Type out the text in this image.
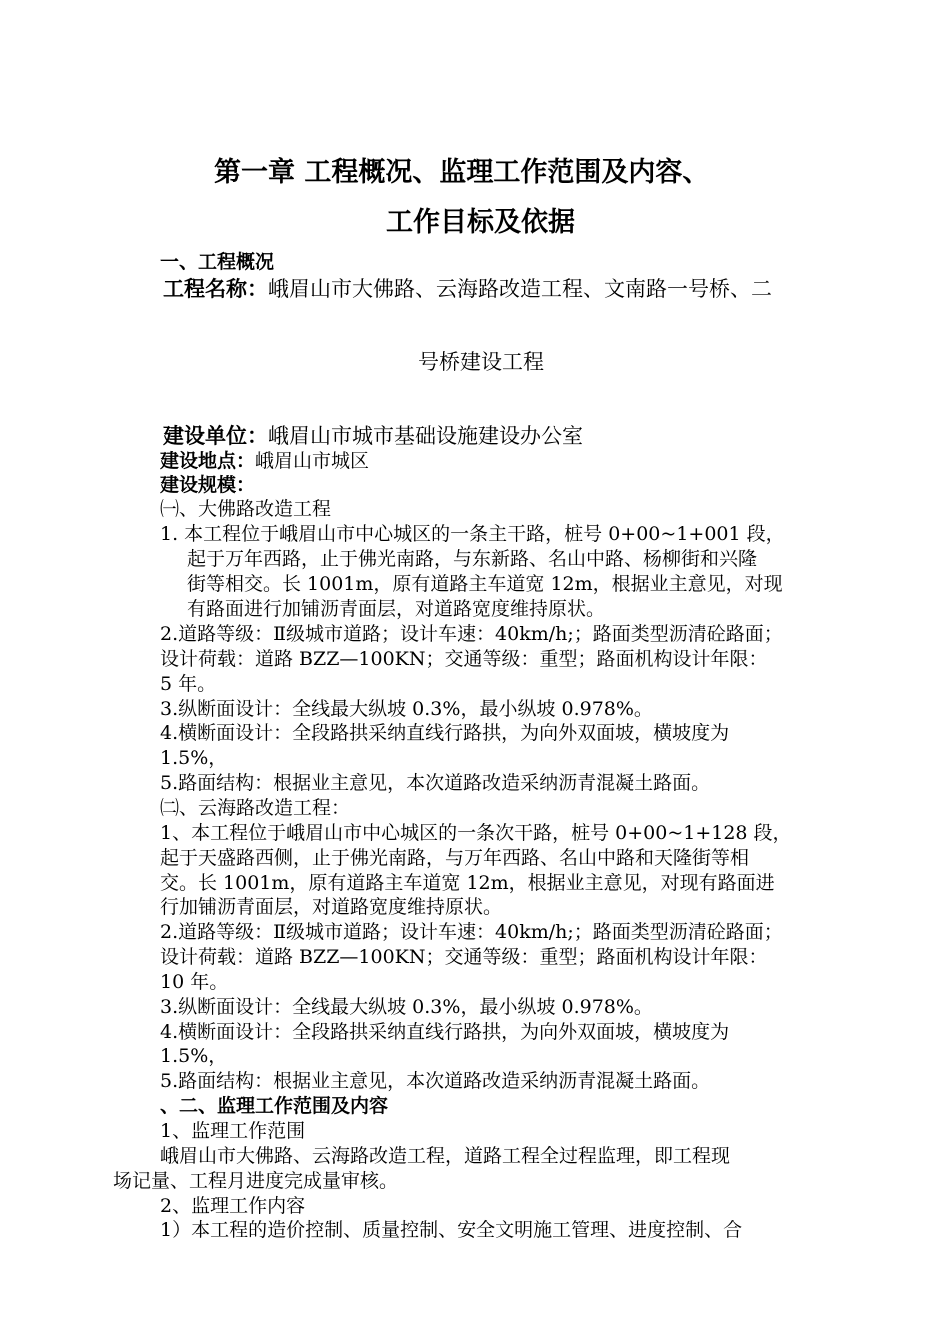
第一章 工程概况、监理工作范围及内容、
工作目标及依据
一、工程概况
工程名称：峨眉山市大佛路、云海路改造工程、文南路一号桥、二
号桥建设工程
建设单位：峨眉山市城市基础设施建设办公室
建设地点：峨眉山市城区
建设规模：
㈠、大佛路改造工程
1. 本工程位于峨眉山市中心城区的一条主干路，桩号 0+00~1+001 段，
起于万年西路，止于佛光南路，与东新路、名山中路、杨柳街和兴隆
街等相交。长 1001m，原有道路主车道宽 12m，根据业主意见，对现
有路面进行加铺沥青面层，对道路宽度维持原状。
2.道路等级：Ⅱ级城市道路；设计车速：40km/h;；路面类型沥清砼路面；
设计荷载：道路 BZZ—100KN；交通等级：重型；路面机构设计年限：
5 年。
3.纵断面设计：全线最大纵坡 0.3%，最小纵坡 0.978%。
4.横断面设计：全段路拱采纳直线行路拱，为向外双面坡，横坡度为
1.5%，
5.路面结构：根据业主意见，本次道路改造采纳沥青混凝土路面。
㈡、云海路改造工程：
1、本工程位于峨眉山市中心城区的一条次干路，桩号 0+00~1+128 段，
起于天盛路西侧，止于佛光南路，与万年西路、名山中路和天隆街等相
交。长 1001m，原有道路主车道宽 12m，根据业主意见，对现有路面进
行加铺沥青面层，对道路宽度维持原状。
2.道路等级：Ⅱ级城市道路；设计车速：40km/h;；路面类型沥清砼路面；
设计荷载：道路 BZZ—100KN；交通等级：重型；路面机构设计年限：
10 年。
3.纵断面设计：全线最大纵坡 0.3%，最小纵坡 0.978%。
4.横断面设计：全段路拱采纳直线行路拱，为向外双面坡，横坡度为
1.5%，
5.路面结构：根据业主意见，本次道路改造采纳沥青混凝土路面。
、二、监理工作范围及内容
1、监理工作范围
峨眉山市大佛路、云海路改造工程，道路工程全过程监理，即工程现
场记量、工程月进度完成量审核。
2、监理工作内容
1）本工程的造价控制、质量控制、安全文明施工管理、进度控制、合
